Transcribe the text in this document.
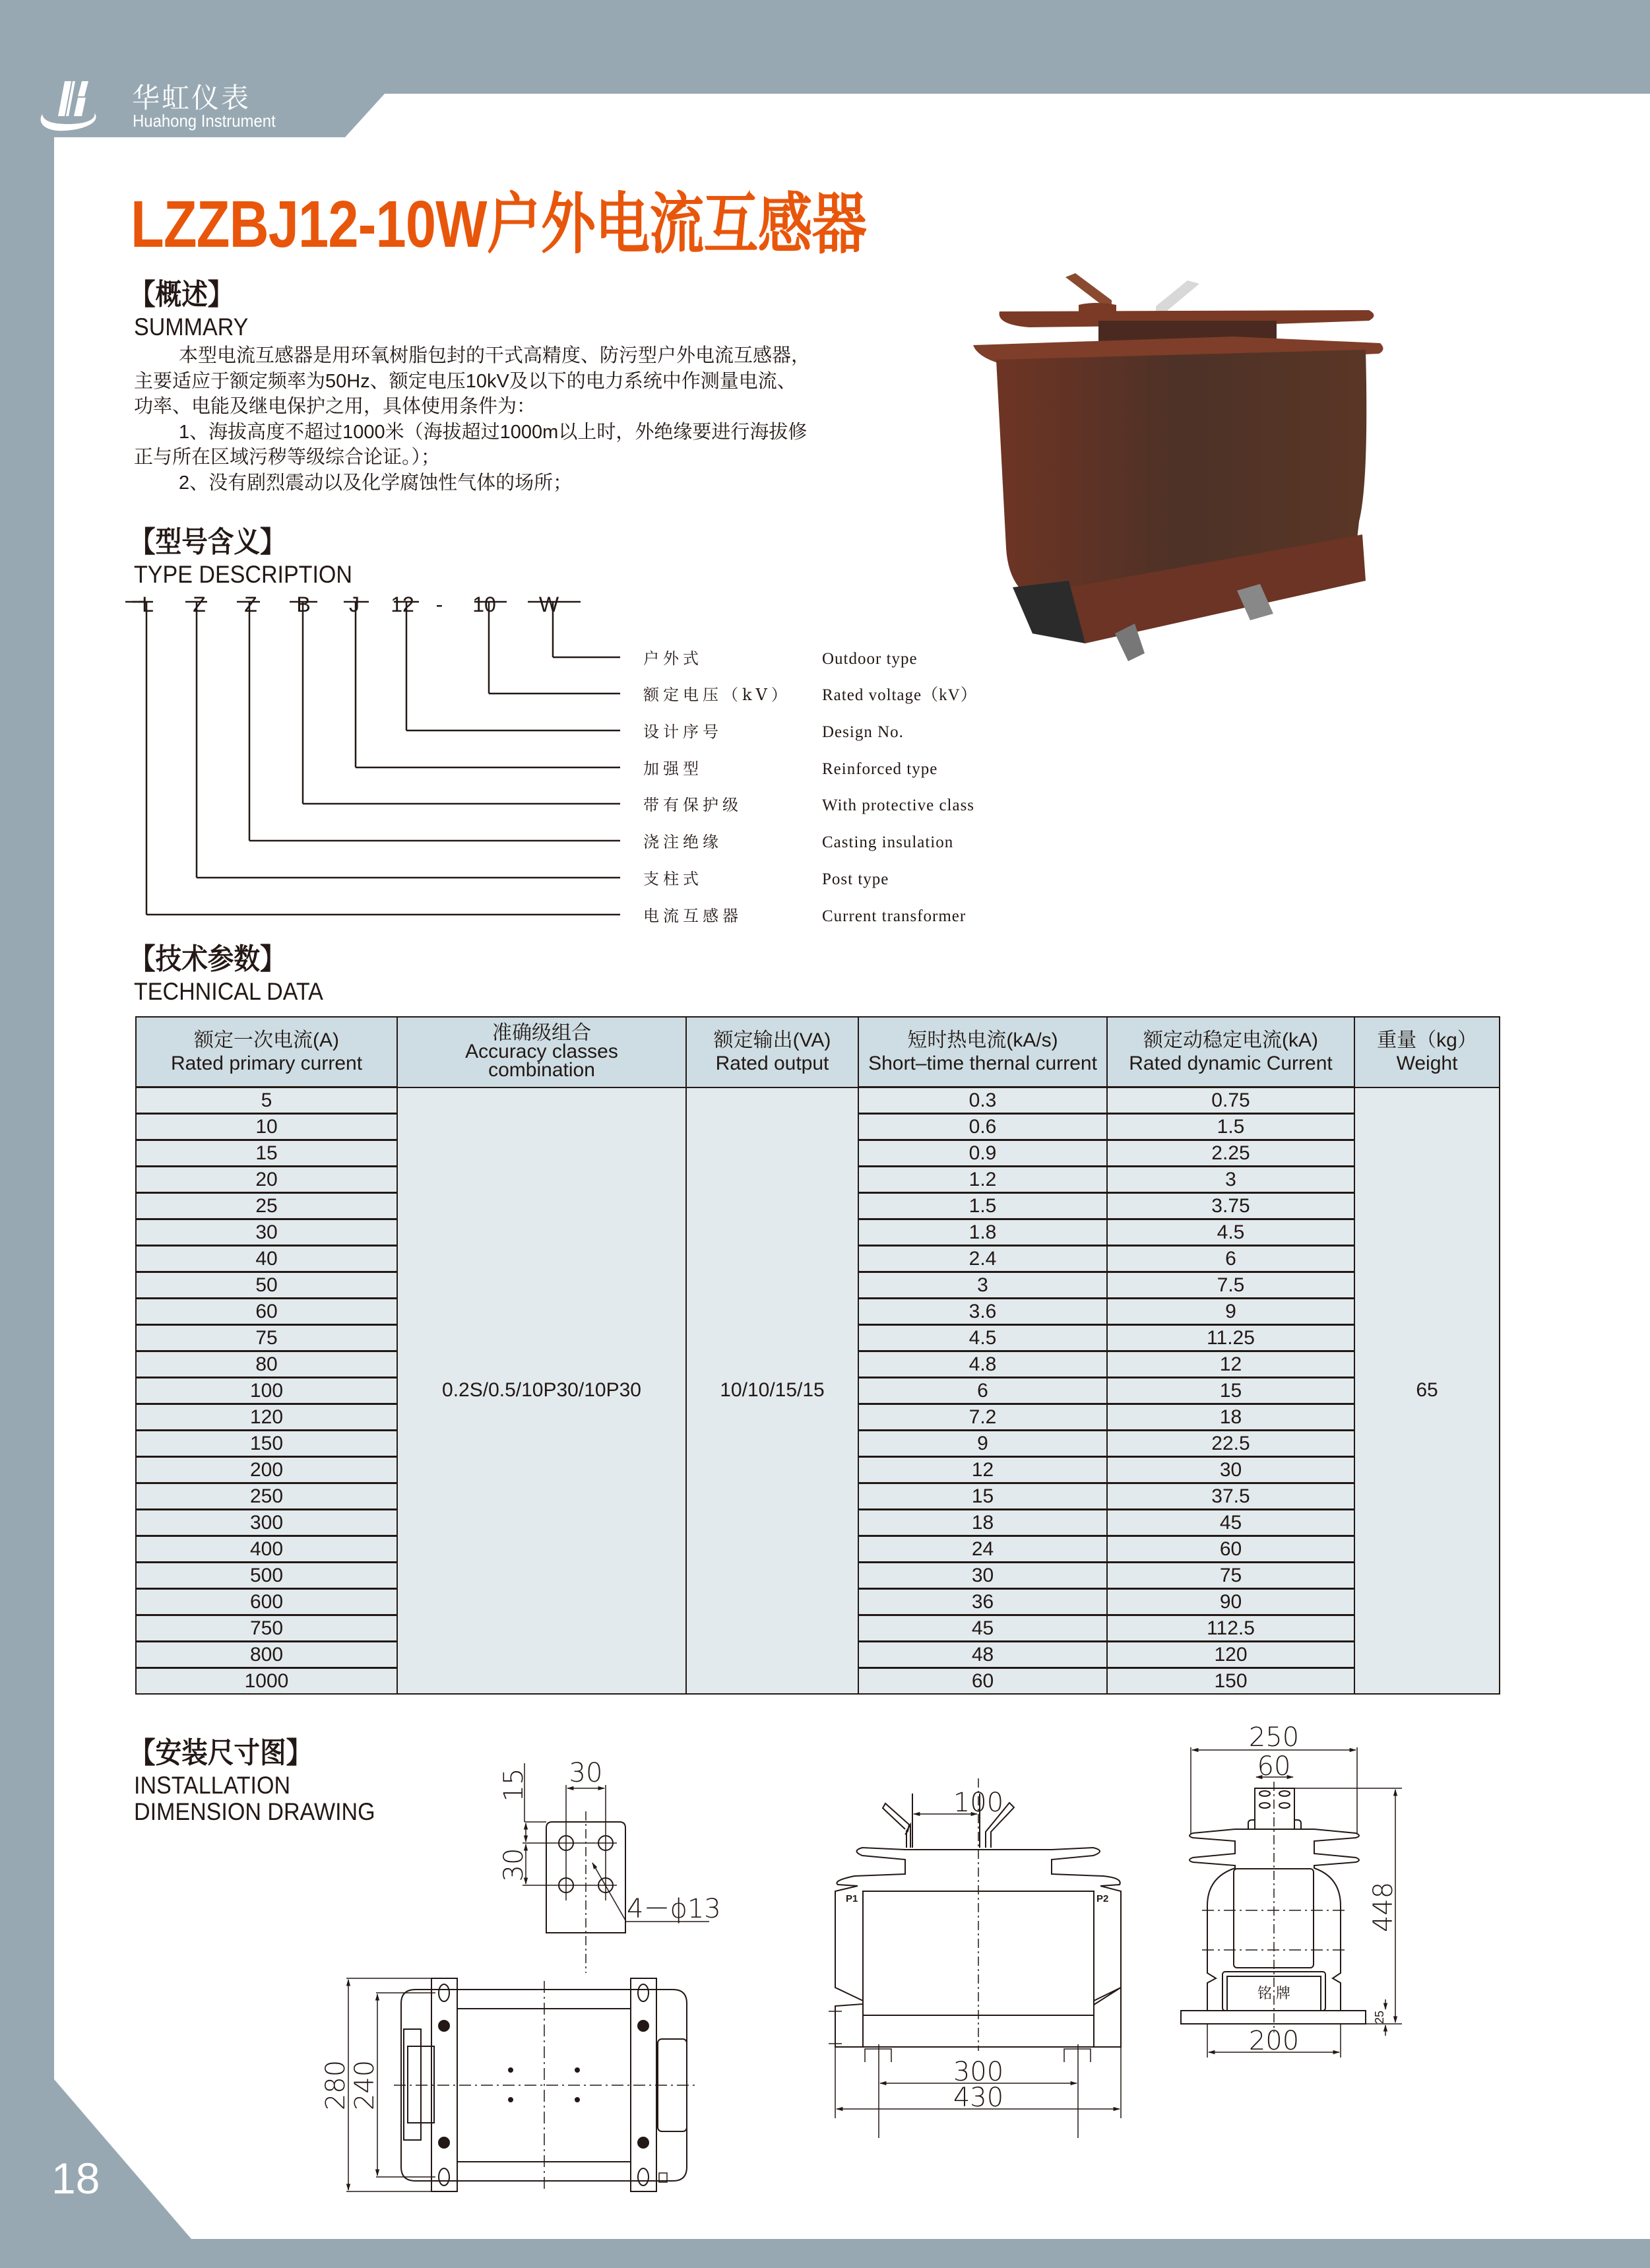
华虹仪表
Huahong Instrument
LZZBJ12-10W户外电流互感器
【概述】
SUMMARY

本型电流互感器是用环氧树脂包封的干式高精度、防污型户外电流互感器，

主要适应于额定频率为50Hz、额定电压10kV及以下的电力系统中作测量电流、

功率、电能及继电保护之用，具体使用条件为：

1、海拔高度不超过1000米（海拔超过1000m以上时，外绝缘要进行海拔修

正与所在区域污秽等级综合论证。）；

2、没有剧烈震动以及化学腐蚀性气体的场所；

【型号含义】
TYPE DESCRIPTION
L Z Z B J 12	-	10 W
户外式	Outdoor type
额定电压（kV） Rated voltage（kV）
设计序号	Design No.
加强型	Reinforced type
带有保护级	With protective class
浇注绝缘	Casting insulation
支柱式	Post type
电流互感器	Current transformer
【技术参数】
TECHNICAL DATA
额定一次电流(A)
Rated primary current	准确级组合
Accuracy classes
combination	额定输出(VA)
Rated output	短时热电流(kA/s)
Short–time thernal current	额定动稳定电流(kA)
Rated dynamic Current	重量（kg）
Weight
5	0.2S/0.5/10P30/10P30	10/10/15/15	0.3	0.75	65
10			0.6	1.5	
15			0.9	2.25	
20			1.2	3	
25			1.5	3.75	
30			1.8	4.5	
40			2.4	6	
50			3	7.5	
60			3.6	9	
75			4.5	11.25	
80			4.8	12	
100			6	15	
120			7.2	18	
150			9	22.5	
200			12	30	
250			15	37.5	
300			18	45	
400			24	60	
500			30	75	
600			36	90	
750			45	112.5	
800			48	120	
1000			60	150	
【安装尺寸图】
INSTALLATION
DIMENSION DRAWING
30
15
30
4－ϕ13
280
240
100
300
430
250
60
448
200
25
P1	P2
铭 牌
18
